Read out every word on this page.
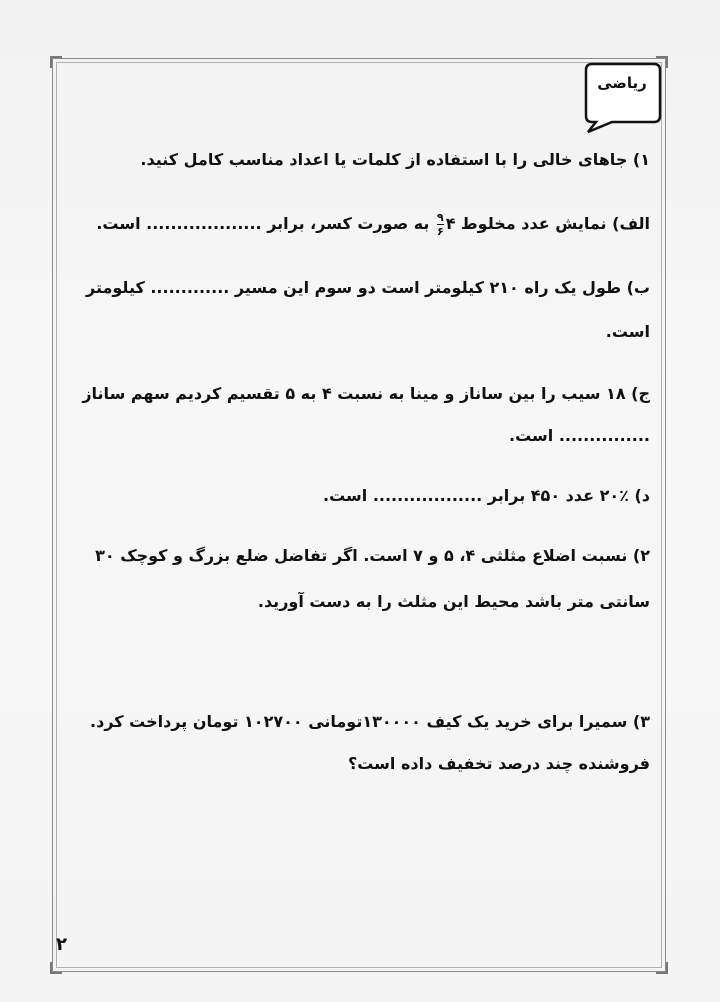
ریاضی
۱) جاهای خالی را با استفاده از کلمات یا اعداد مناسب کامل کنید.
الف) نمایش عدد مخلوط ۴
$\frac{۹}{۶}$
به صورت کسر، برابر ................... است.
ب) طول یک راه ۲۱۰ کیلومتر است دو سوم این مسیر ............. کیلومتر
است.
ج) ۱۸ سیب را بین ساناز و مینا به نسبت ۴ به ۵ تقسیم کردیم سهم ساناز
............... است.
د) ٪۲۰ عدد ۴۵۰ برابر .................. است.
۲) نسبت اضلاع مثلثی ۴، ۵ و ۷ است. اگر تفاضل ضلع بزرگ و کوچک ۳۰
سانتی متر باشد محیط این مثلث را به دست آورید.
۳) سمیرا برای خرید یک کیف ۱۳۰۰۰۰تومانی ۱۰۲۷۰۰ تومان پرداخت کرد.
فروشنده چند درصد تخفیف داده است؟
۲
